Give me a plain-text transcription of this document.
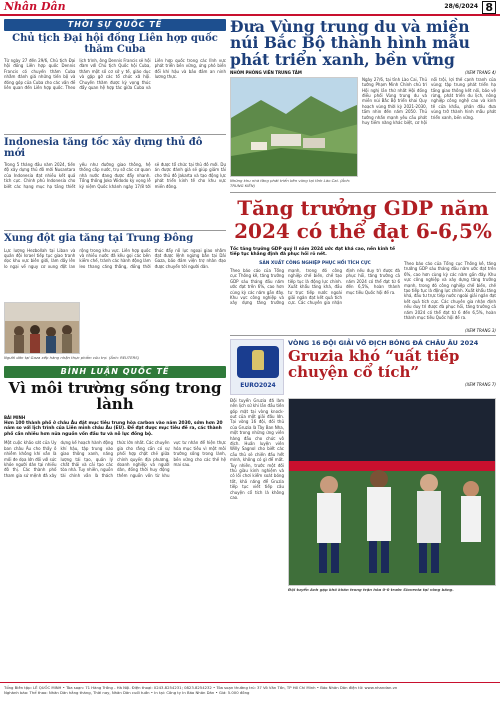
Nhân Dân	28/6/2024 8
THỜI SỰ QUỐC TẾ
Chủ tịch Đại hội đồng Liên hợp quốc thăm Cuba
Từ ngày 27 đến 29/6, Chủ tịch Đại hội đồng Liên hợp quốc Dennis Francis có chuyến thăm Cuba nhằm đánh giá những tiến bộ và đóng góp của Cuba cho các vấn đề liên quan đến Liên hợp quốc. Theo lịch trình, ông Dennis Francis sẽ hội đàm với Chủ tịch Quốc hội Cuba, thăm một số cơ sở y tế, giáo dục và gặp gỡ các tổ chức xã hội. Chuyến thăm được kỳ vọng thúc đẩy quan hệ hợp tác giữa Cuba và Liên hợp quốc trong các lĩnh vực phát triển bền vững, ứng phó biến đổi khí hậu và bảo đảm an ninh lương thực.
Indonesia tăng tốc xây dựng thủ đô mới
Trong 5 tháng đầu năm 2024, tiến độ xây dựng thủ đô mới Nusantara của Indonesia đạt nhiều kết quả tích cực. Chính phủ Indonesia cho biết các hạng mục hạ tầng thiết yếu như đường giao thông, hệ thống cấp nước, trụ sở các cơ quan nhà nước đang được đẩy nhanh. Tổng thống Joko Widodo kỳ vọng lễ kỷ niệm Quốc khánh ngày 17/8 tới sẽ được tổ chức tại thủ đô mới. Dự án được đánh giá sẽ giúp giảm tải cho thủ đô Jakarta và tạo động lực phát triển kinh tế cho khu vực miền đông.
Xung đột gia tăng tại Trung Đông
Lực lượng Hezbollah tại Liban và quân đội Israel tiếp tục giao tranh dọc khu vực biên giới, làm dấy lên lo ngại về nguy cơ xung đột lan rộng trong khu vực. Liên hợp quốc và nhiều nước đã kêu gọi các bên kiềm chế, tránh các hành động làm leo thang căng thẳng, đồng thời thúc đẩy nỗ lực ngoại giao nhằm đạt được lệnh ngừng bắn tại Dải Gaza, bảo đảm viện trợ nhân đạo được chuyển tới người dân.
Người dân tại Gaza xếp hàng nhận thực phẩm cứu trợ. (Ảnh: REUTERS)
BÌNH LUẬN QUỐC TẾ
Vì môi trường sống trong lành
BÁI MINH
Hơn 100 thành phố ở châu Âu đặt mục tiêu trung hòa carbon vào năm 2030, sớm hơn 20 năm so với lịch trình của Liên minh châu Âu (EU). Để đạt được mục tiêu đề ra, các thành phố cần nhiều hơn nữa nguồn vốn đầu tư và nỗ lực đồng bộ.
Một cuộc khảo sát của Ủy ban châu Âu cho thấy ô nhiễm không khí vẫn là mối đe dọa lớn đối với sức khỏe người dân tại nhiều đô thị. Các thành phố tham gia sứ mệnh đã xây dựng kế hoạch hành động khí hậu, tập trung vào giao thông xanh, năng lượng tái tạo, quản lý chất thải và cải tạo các tòa nhà. Tuy nhiên, nguồn tài chính vẫn là thách thức lớn nhất. Các chuyên gia cho rằng cần có sự phối hợp chặt chẽ giữa chính quyền địa phương, doanh nghiệp và người dân, đồng thời huy động thêm nguồn vốn từ khu vực tư nhân để hiện thực hóa mục tiêu vì một môi trường sống trong lành, bền vững cho các thế hệ mai sau.
Đưa Vùng trung du và miền núi Bắc Bộ thành hình mẫu phát triển xanh, bền vững
NHÓM PHÓNG VIÊN TRUNG TÂM	(XEM TRANG 4)
Những khu nhà tầng phát triển bền vững tại tỉnh Lào Cai. (Ảnh: TRUNG KIÊN)
Ngày 27/6, tại tỉnh Lào Cai, Thủ tướng Phạm Minh Chính chủ trì Hội nghị lần thứ nhất Hội đồng điều phối Vùng trung du và miền núi Bắc Bộ triển khai Quy hoạch vùng thời kỳ 2021-2030, tầm nhìn đến năm 2050. Thủ tướng nhấn mạnh yêu cầu phát huy tiềm năng khác biệt, cơ hội nổi trội, lợi thế cạnh tranh của vùng; tập trung phát triển hạ tầng giao thông kết nối, bảo vệ rừng, phát triển du lịch, nông nghiệp công nghệ cao và kinh tế cửa khẩu, phấn đấu đưa vùng trở thành hình mẫu phát triển xanh, bền vững.
Tăng trưởng GDP năm 2024 có thể đạt 6-6,5%
Tốc tăng trưởng GDP quý II năm 2024 ước đạt khá cao, nền kinh tế tiếp tục khẳng định đà phục hồi rõ nét.
SẢN XUẤT CÔNG NGHIỆP PHỤC HỒI TÍCH CỰC
Theo báo cáo của Tổng cục Thống kê, tăng trưởng GDP sáu tháng đầu năm ước đạt trên 6%, cao hơn cùng kỳ các năm gần đây. Khu vực công nghiệp và xây dựng tăng trưởng mạnh, trong đó công nghiệp chế biến, chế tạo tiếp tục là động lực chính. Xuất khẩu tăng khá, đầu tư trực tiếp nước ngoài giải ngân đạt kết quả tích cực. Các chuyên gia nhận định nếu duy trì được đà phục hồi, tăng trưởng cả năm 2024 có thể đạt từ 6 đến 6,5%, hoàn thành mục tiêu Quốc hội đề ra.
Theo báo cáo của Tổng cục Thống kê, tăng trưởng GDP sáu tháng đầu năm ước đạt trên 6%, cao hơn cùng kỳ các năm gần đây. Khu vực công nghiệp và xây dựng tăng trưởng mạnh, trong đó công nghiệp chế biến, chế tạo tiếp tục là động lực chính. Xuất khẩu tăng khá, đầu tư trực tiếp nước ngoài giải ngân đạt kết quả tích cực. Các chuyên gia nhận định nếu duy trì được đà phục hồi, tăng trưởng cả năm 2024 có thể đạt từ 6 đến 6,5%, hoàn thành mục tiêu Quốc hội đề ra.
(XEM TRANG 3)
EURO2024
VÒNG 16 ĐỘI GIẢI VÔ ĐỊCH BÓNG ĐÁ CHÂU ÂU 2024
Gruzia khó “uất tiếp chuyện cổ tích”
(XEM TRANG 7)
Đội tuyển Gruzia đã làm nên lịch sử khi lần đầu tiên góp mặt tại vòng knock-out của một giải đấu lớn. Tại vòng 16 đội, đối thủ của Gruzia là Tây Ban Nha, một trong những ứng viên hàng đầu cho chức vô địch. Huấn luyện viên Willy Sagnol cho biết các cầu thủ sẽ chiến đấu hết mình, không có gì để mất. Tuy nhiên, trước một đối thủ giàu kinh nghiệm và có lối chơi kiểm soát bóng tốt, khả năng để Gruzia tiếp tục viết tiếp câu chuyện cổ tích là không cao.
Đội tuyển Anh gặp khó khăn trong trận hòa 0-0 trước Slovenia tại vòng bảng.
Tổng Biên tập: LÊ QUỐC MINH • Tòa soạn: 71 Hàng Trống - Hà Nội. Điện thoại: 0243.8254231; 0823.8254232 • Tòa soạn thường trú: 37 Võ Văn Tần, TP Hồ Chí Minh • Báo Nhân Dân điện tử: www.nhandan.vn
Nghành báo: Thể thao: Nhân Dân hằng tháng, Thời nay, Nhân Dân cuối tuần • In tại: Công ty In Báo Nhân Dân • Giá: 5.000 đồng
